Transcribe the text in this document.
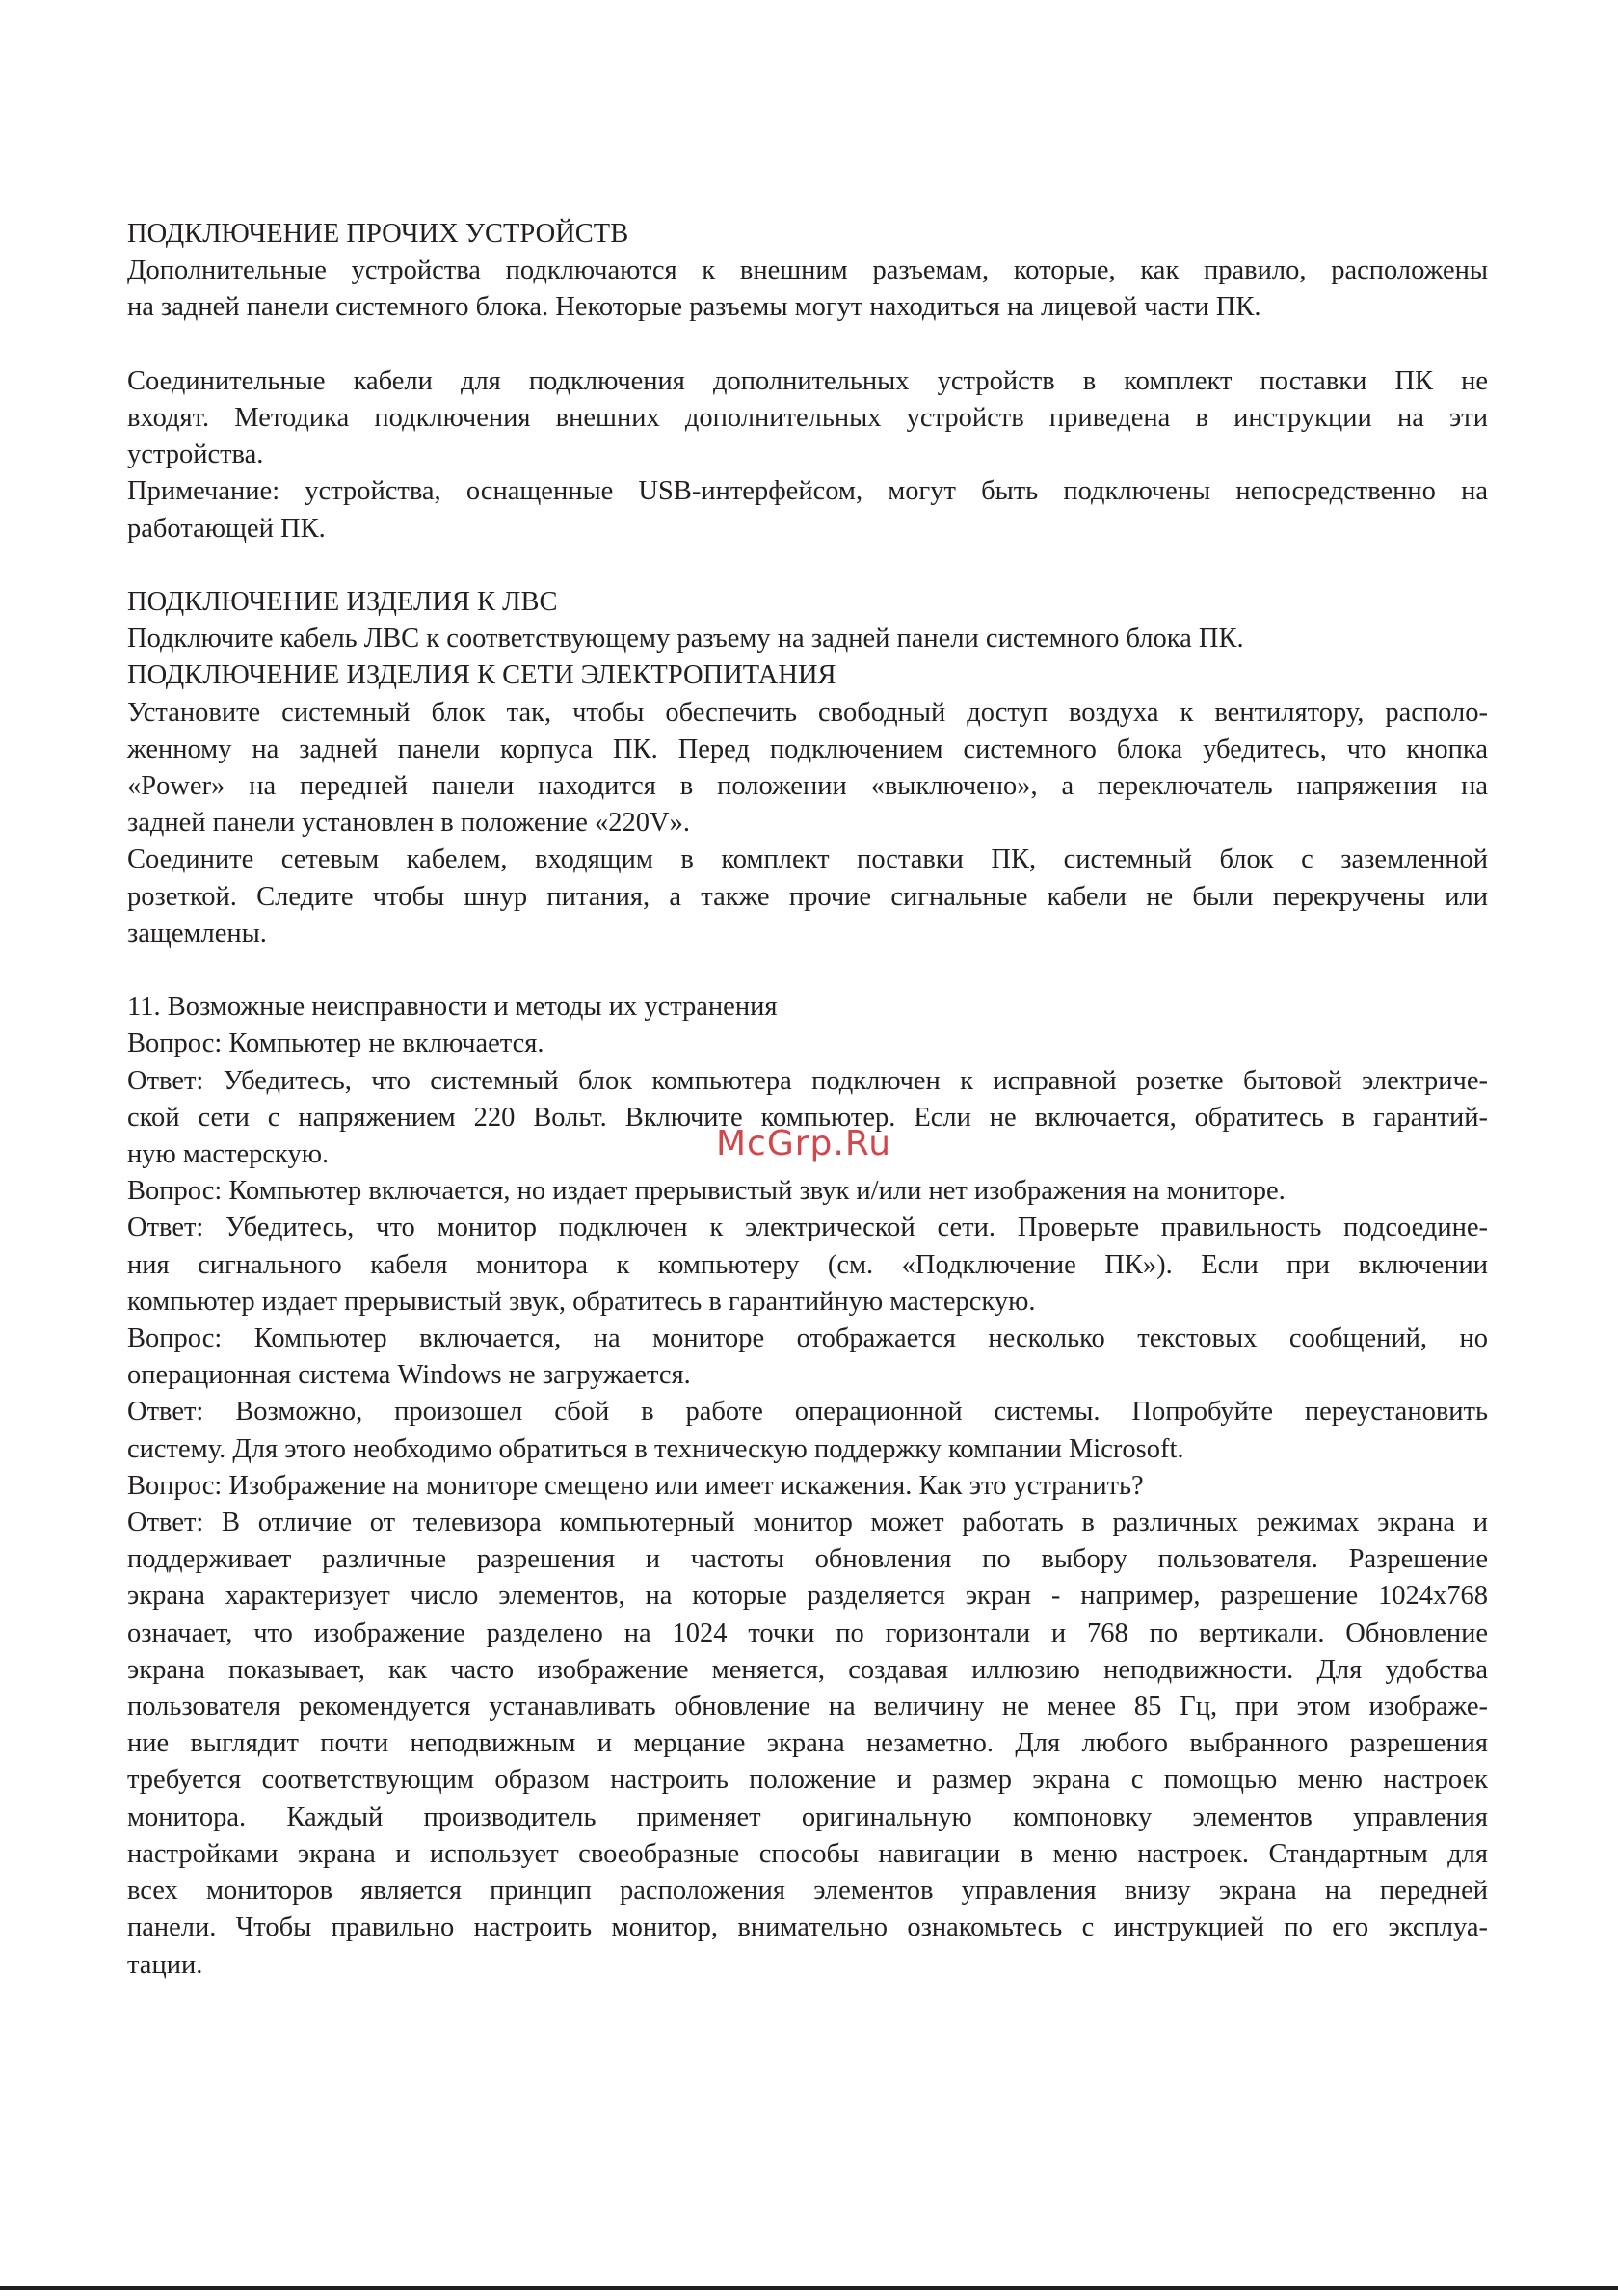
ПОДКЛЮЧЕНИЕ ПРОЧИХ УСТРОЙСТВ
Дополнительные устройства подключаются к внешним разъемам, которые, как правило, расположены
на задней панели системного блока. Некоторые разъемы могут находиться на лицевой части ПК.
Соединительные кабели для подключения дополнительных устройств в комплект поставки ПК не
входят. Методика подключения внешних дополнительных устройств приведена в инструкции на эти
устройства.
Примечание: устройства, оснащенные USB-интерфейсом, могут быть подключены непосредственно на
работающей ПК.
ПОДКЛЮЧЕНИЕ ИЗДЕЛИЯ К ЛВС
Подключите кабель ЛВС к соответствующему разъему на задней панели системного блока ПК.
ПОДКЛЮЧЕНИЕ ИЗДЕЛИЯ К СЕТИ ЭЛЕКТРОПИТАНИЯ
Установите системный блок так, чтобы обеспечить свободный доступ воздуха к вентилятору, располо-
женному на задней панели корпуса ПК. Перед подключением системного блока убедитесь, что кнопка
«Power» на передней панели находится в положении «выключено», а переключатель напряжения на
задней панели установлен в положение «220V».
Соедините сетевым кабелем, входящим в комплект поставки ПК, системный блок с заземленной
розеткой. Следите чтобы шнур питания, а также прочие сигнальные кабели не были перекручены или
защемлены.
11. Возможные неисправности и методы их устранения
Вопрос: Компьютер не включается.
Ответ: Убедитесь, что системный блок компьютера подключен к исправной розетке бытовой электриче-
ской сети с напряжением 220 Вольт. Включите компьютер. Если не включается, обратитесь в гарантий-
ную мастерскую.
Вопрос: Компьютер включается, но издает прерывистый звук и/или нет изображения на мониторе.
Ответ: Убедитесь, что монитор подключен к электрической сети. Проверьте правильность подсоедине-
ния сигнального кабеля монитора к компьютеру (см. «Подключение ПК»). Если при включении
компьютер издает прерывистый звук, обратитесь в гарантийную мастерскую.
Вопрос: Компьютер включается, на мониторе отображается несколько текстовых сообщений, но
операционная система Windows не загружается.
Ответ: Возможно, произошел сбой в работе операционной системы. Попробуйте переустановить
систему. Для этого необходимо обратиться в техническую поддержку компании Microsoft.
Вопрос: Изображение на мониторе смещено или имеет искажения. Как это устранить?
Ответ: В отличие от телевизора компьютерный монитор может работать в различных режимах экрана и
поддерживает различные разрешения и частоты обновления по выбору пользователя. Разрешение
экрана характеризует число элементов, на которые разделяется экран - например, разрешение 1024x768
означает, что изображение разделено на 1024 точки по горизонтали и 768 по вертикали. Обновление
экрана показывает, как часто изображение меняется, создавая иллюзию неподвижности. Для удобства
пользователя рекомендуется устанавливать обновление на величину не менее 85 Гц, при этом изображе-
ние выглядит почти неподвижным и мерцание экрана незаметно. Для любого выбранного разрешения
требуется соответствующим образом настроить положение и размер экрана с помощью меню настроек
монитора. Каждый производитель применяет оригинальную компоновку элементов управления
настройками экрана и использует своеобразные способы навигации в меню настроек. Стандартным для
всех мониторов является принцип расположения элементов управления внизу экрана на передней
панели. Чтобы правильно настроить монитор, внимательно ознакомьтесь с инструкцией по его эксплуа-
тации.
McGrp.Ru
